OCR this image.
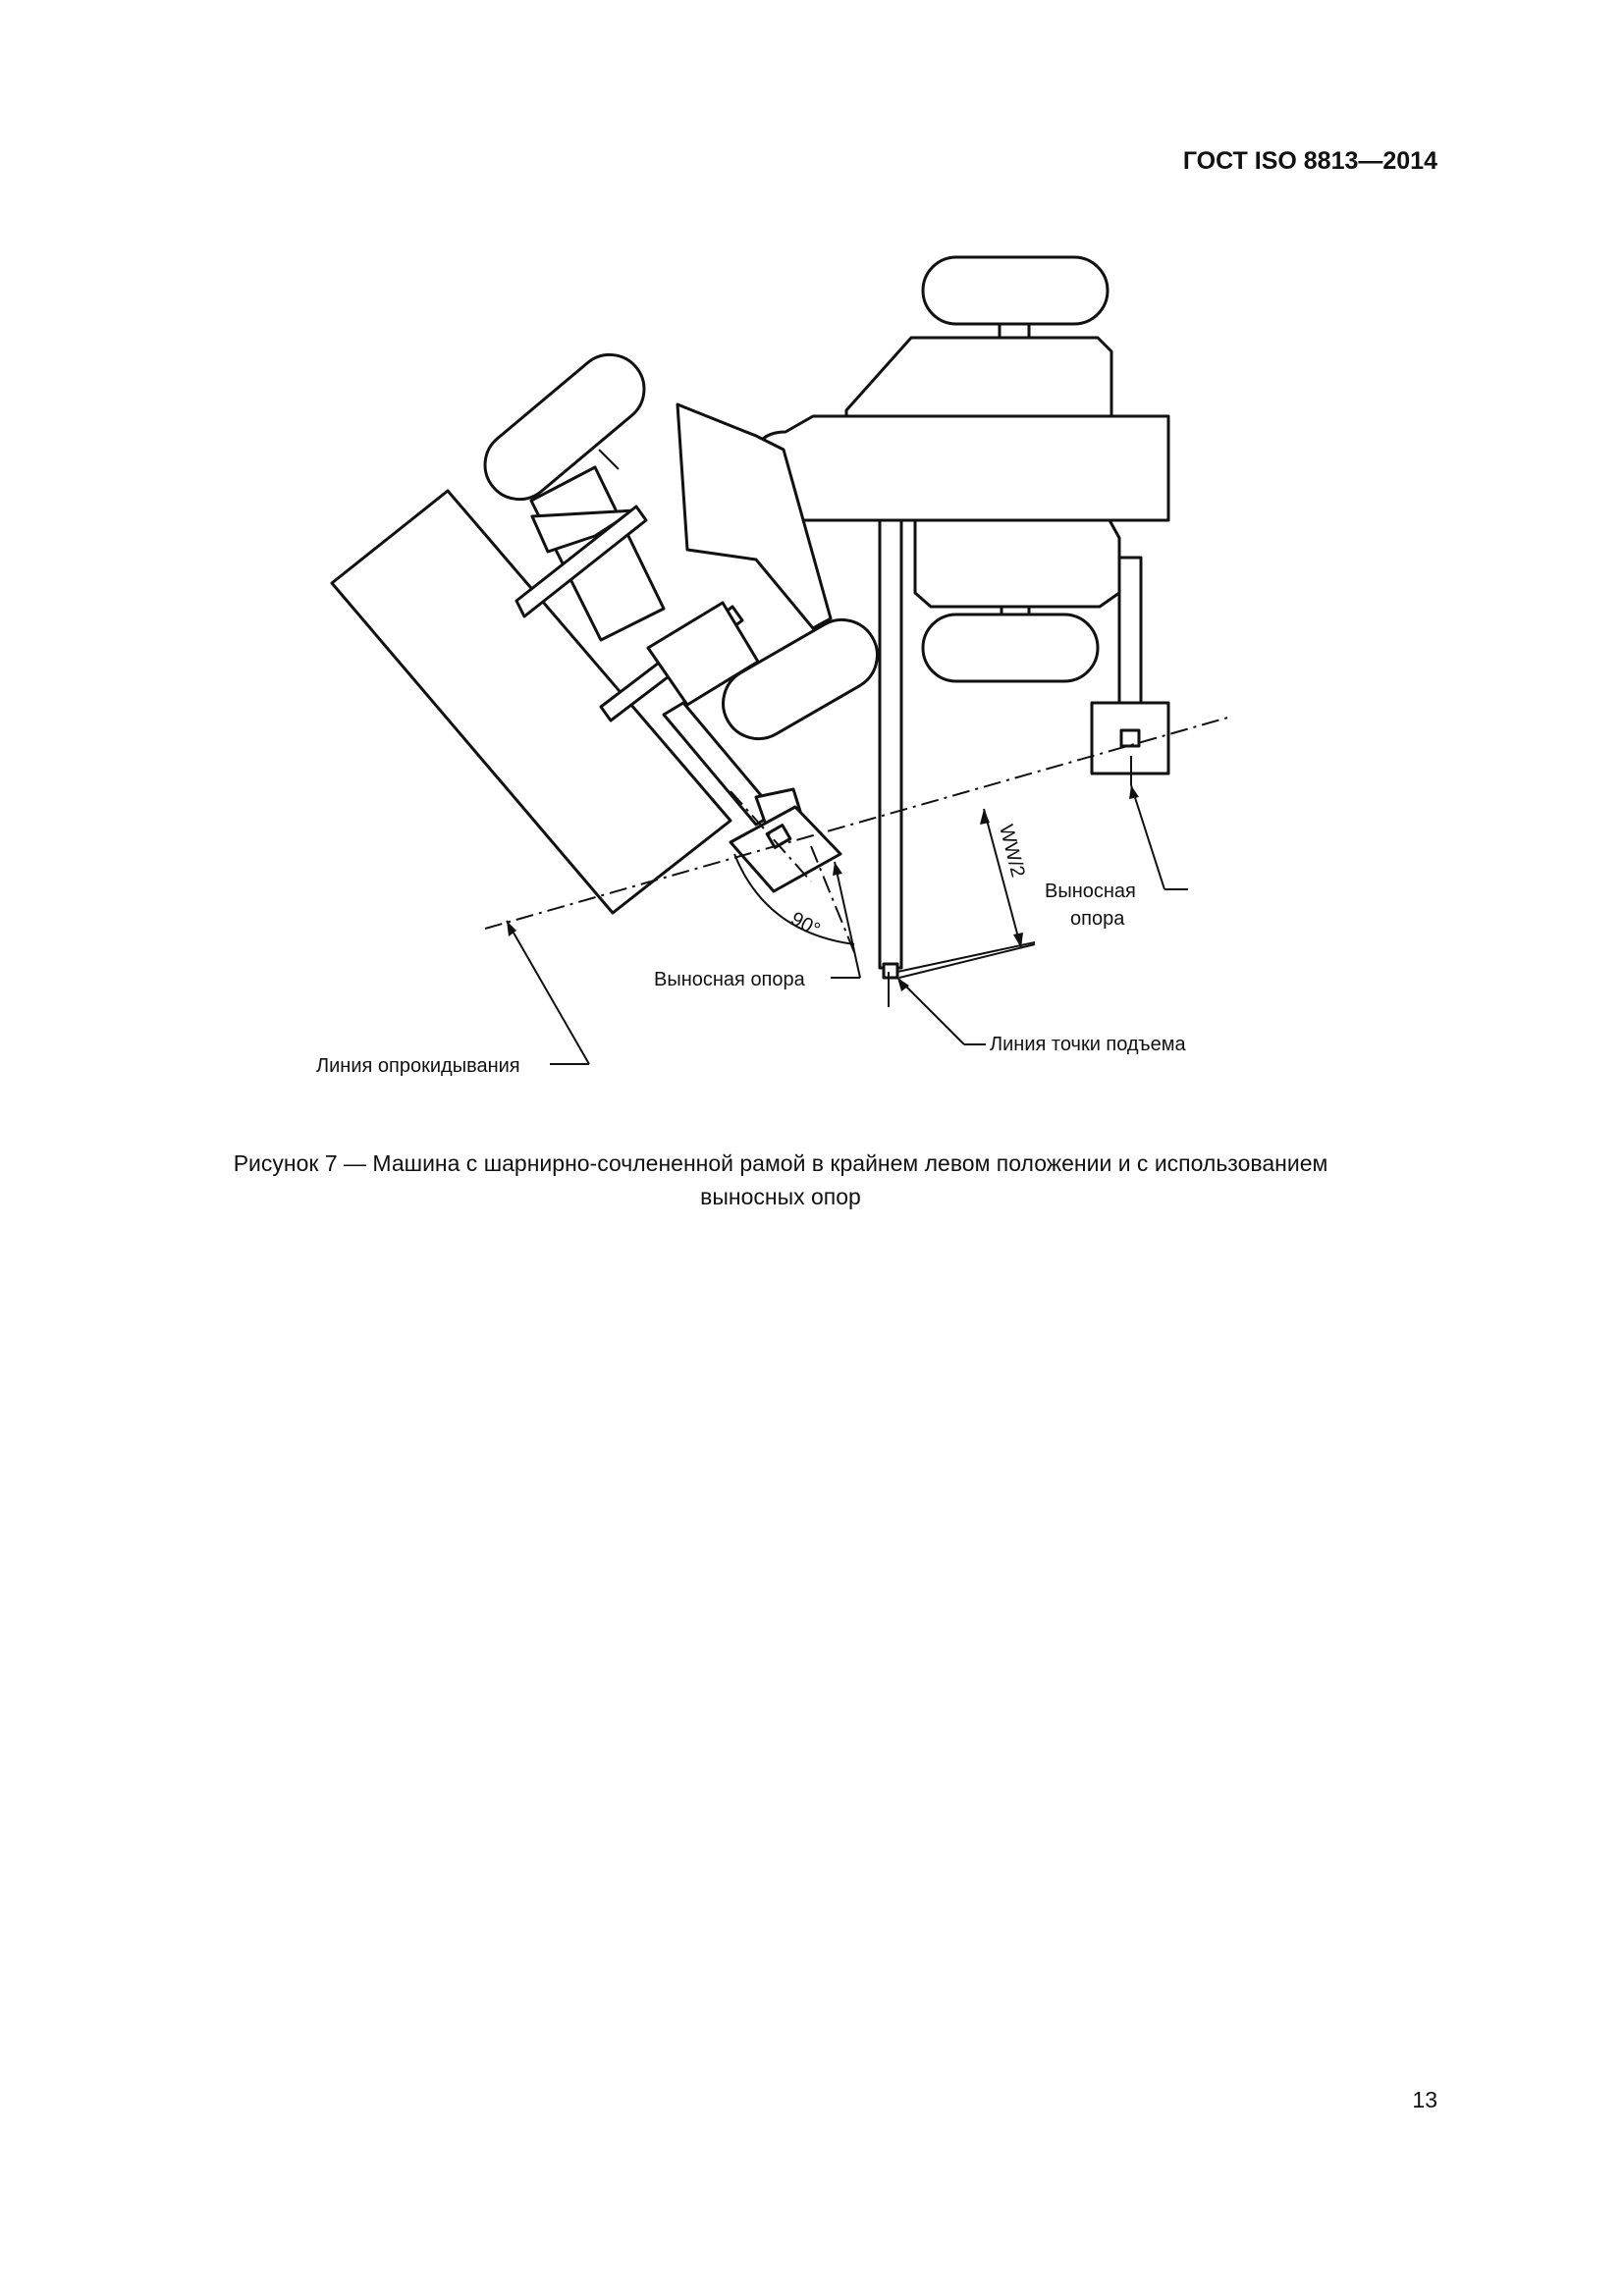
ГОСТ ISO 8813—2014
90°
WW/2
Выносная
опора
Выносная опора
Линия опрокидывания
Линия точки подъема
Рисунок 7 — Машина с шарнирно-сочлененной рамой в крайнем левом положении и с использованием
выносных опор
13
